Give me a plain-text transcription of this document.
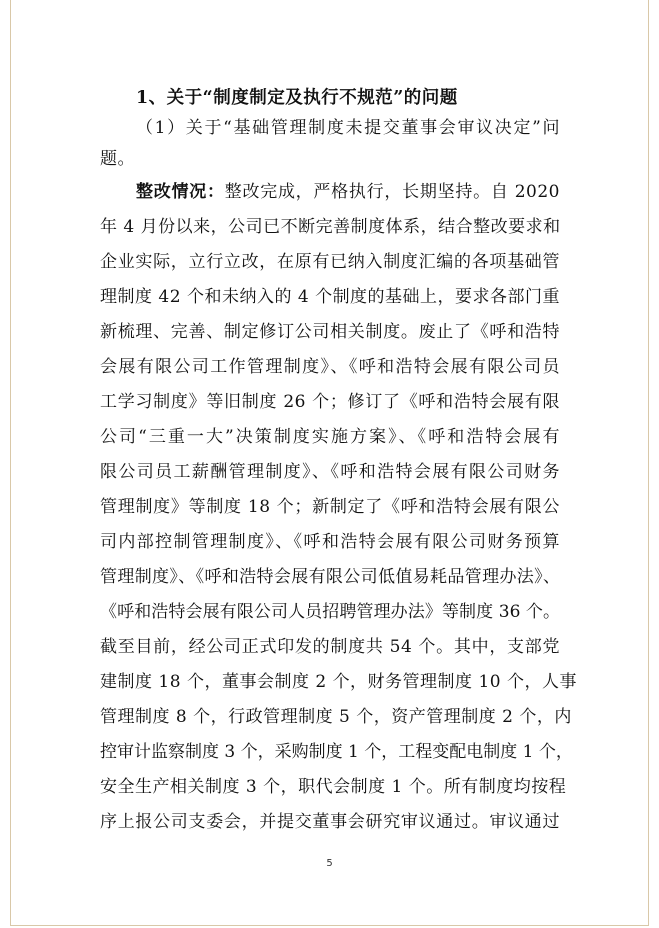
1、关于“制度制定及执行不规范”的问题
（1）关于“基础管理制度未提交董事会审议决定”问
题。
整改情况：整改完成，严格执行，长期坚持。自 2020
年 4 月份以来，公司已不断完善制度体系，结合整改要求和
企业实际，立行立改，在原有已纳入制度汇编的各项基础管
理制度 42 个和未纳入的 4 个制度的基础上，要求各部门重
新梳理、完善、制定修订公司相关制度。废止了《呼和浩特
会展有限公司工作管理制度》、《呼和浩特会展有限公司员
工学习制度》等旧制度 26 个；修订了《呼和浩特会展有限
公司“三重一大”决策制度实施方案》、《呼和浩特会展有
限公司员工薪酬管理制度》、《呼和浩特会展有限公司财务
管理制度》等制度 18 个；新制定了《呼和浩特会展有限公
司内部控制管理制度》、《呼和浩特会展有限公司财务预算
管理制度》、《呼和浩特会展有限公司低值易耗品管理办法》、
《呼和浩特会展有限公司人员招聘管理办法》等制度 36 个。
截至目前，经公司正式印发的制度共 54 个。其中，支部党
建制度 18 个，董事会制度 2 个，财务管理制度 10 个，人事
管理制度 8 个，行政管理制度 5 个，资产管理制度 2 个，内
控审计监察制度 3 个，采购制度 1 个，工程变配电制度 1 个，
安全生产相关制度 3 个，职代会制度 1 个。所有制度均按程
序上报公司支委会，并提交董事会研究审议通过。审议通过
5
